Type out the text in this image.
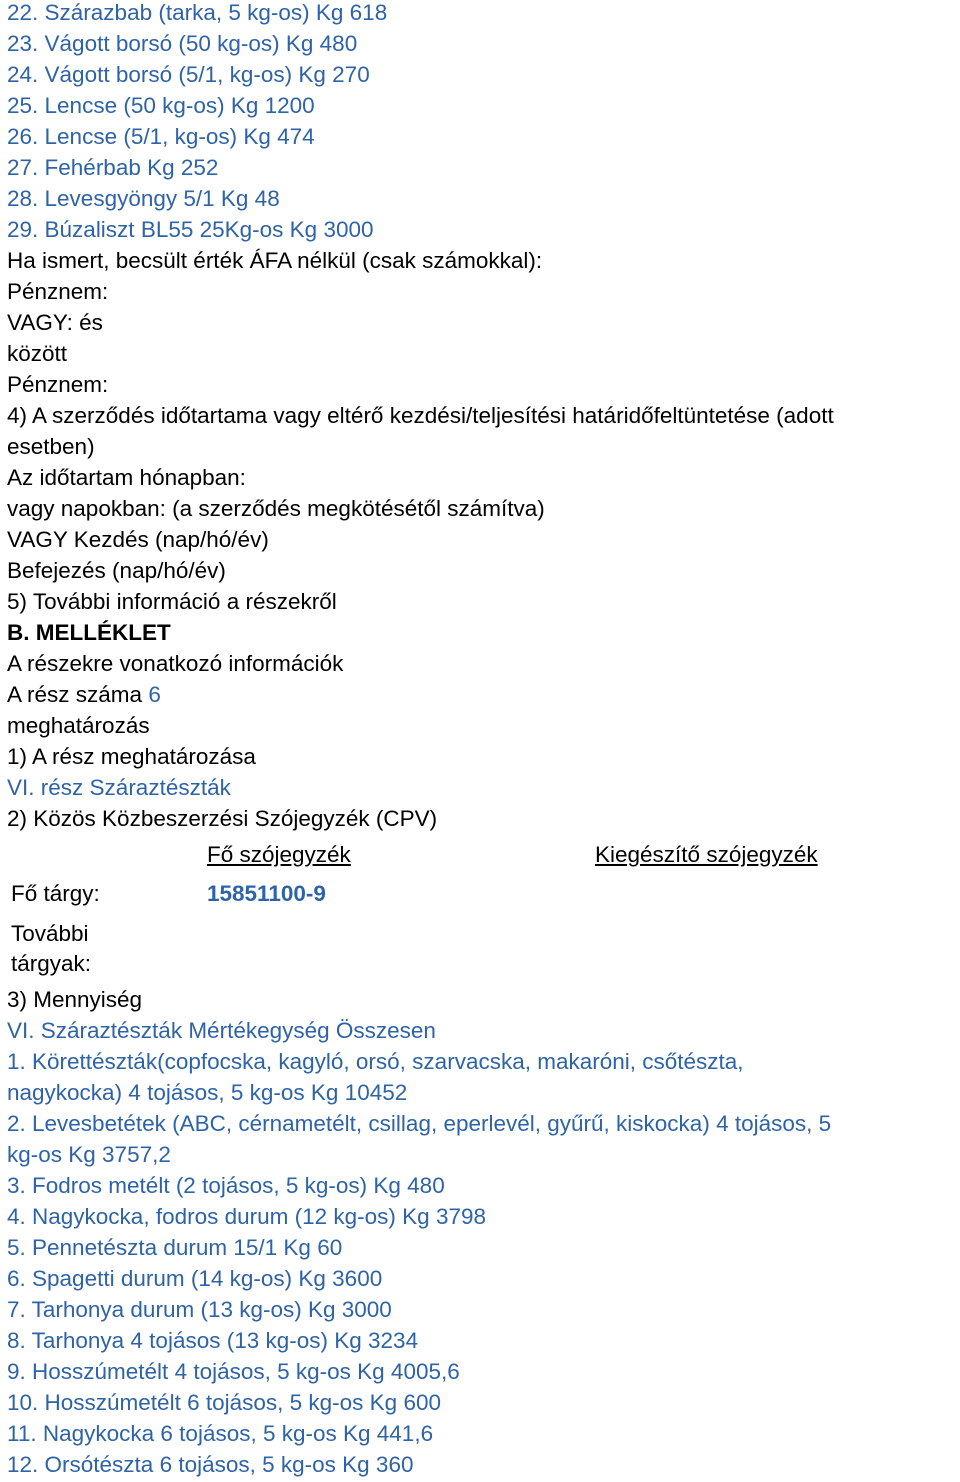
22. Szárazbab (tarka, 5 kg-os) Kg 618
23. Vágott borsó (50 kg-os) Kg 480
24. Vágott borsó (5/1, kg-os) Kg 270
25. Lencse (50 kg-os) Kg 1200
26. Lencse (5/1, kg-os) Kg 474
27. Fehérbab Kg 252
28. Levesgyöngy 5/1 Kg 48
29. Búzaliszt BL55 25Kg-os Kg 3000
Ha ismert, becsült érték ÁFA nélkül (csak számokkal):
Pénznem:
VAGY: és
között
Pénznem:
4) A szerződés időtartama vagy eltérő kezdési/teljesítési határidőfeltüntetése (adott
esetben)
Az időtartam hónapban:
vagy napokban: (a szerződés megkötésétől számítva)
VAGY Kezdés (nap/hó/év)
Befejezés (nap/hó/év)
5) További információ a részekről
B. MELLÉKLET
A részekre vonatkozó információk
A rész száma 6
meghatározás
1) A rész meghatározása
VI. rész Száraztészták
2) Közös Közbeszerzési Szójegyzék (CPV)
Fő szójegyzék	Kiegészítő szójegyzék
Fő tárgy:	15851100-9
További
tárgyak:
3) Mennyiség
VI. Száraztészták Mértékegység Összesen
1. Körettészták(copfocska, kagyló, orsó, szarvacska, makaróni, csőtészta,
nagykocka) 4 tojásos, 5 kg-os Kg 10452
2. Levesbetétek (ABC, cérnametélt, csillag, eperlevél, gyűrű, kiskocka) 4 tojásos, 5
kg-os Kg 3757,2
3. Fodros metélt (2 tojásos, 5 kg-os) Kg 480
4. Nagykocka, fodros durum (12 kg-os) Kg 3798
5. Pennetészta durum 15/1 Kg 60
6. Spagetti durum (14 kg-os) Kg 3600
7. Tarhonya durum (13 kg-os) Kg 3000
8. Tarhonya 4 tojásos (13 kg-os) Kg 3234
9. Hosszúmetélt 4 tojásos, 5 kg-os Kg 4005,6
10. Hosszúmetélt 6 tojásos, 5 kg-os Kg 600
11. Nagykocka 6 tojásos, 5 kg-os Kg 441,6
12. Orsótészta 6 tojásos, 5 kg-os Kg 360
